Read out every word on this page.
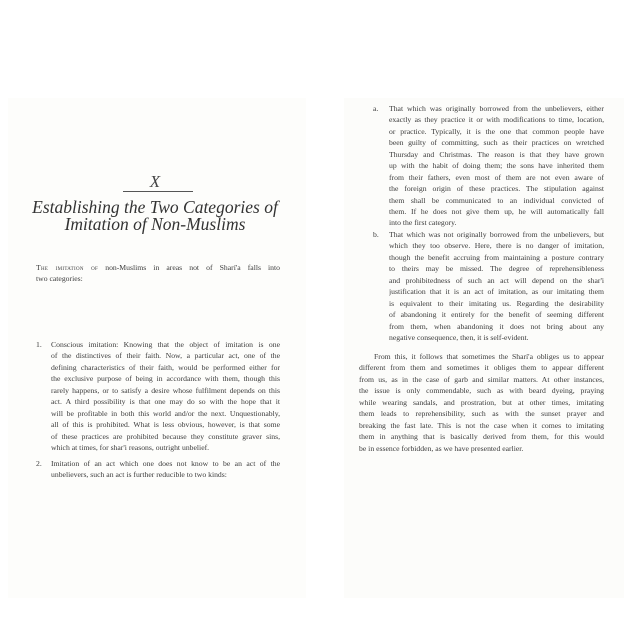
X
Establishing the Two Categories of
Imitation of Non-Muslims
The imitation of non-Muslims in areas not of Sharí'a falls into
two categories:
1. Conscious imitation: Knowing that the object of imitation is one
of the distinctives of their faith. Now, a particular act, one of the
defining characteristics of their faith, would be performed either for
the exclusive purpose of being in accordance with them, though this
rarely happens, or to satisfy a desire whose fulfilment depends on this
act. A third possibility is that one may do so with the hope that it
will be profitable in both this world and/or the next. Unquestionably,
all of this is prohibited. What is less obvious, however, is that some
of these practices are prohibited because they constitute graver sins,
which at times, for shar'i reasons, outright unbelief.
2. Imitation of an act which one does not know to be an act of the
unbelievers, such an act is further reducible to two kinds:
a. That which was originally borrowed from the unbelievers, either
exactly as they practice it or with modifications to time, location,
or practice. Typically, it is the one that common people have
been guilty of committing, such as their practices on wretched
Thursday and Christmas. The reason is that they have grown
up with the habit of doing them; the sons have inherited them
from their fathers, even most of them are not even aware of
the foreign origin of these practices. The stipulation against
them shall be communicated to an individual convicted of
them. If he does not give them up, he will automatically fall
into the first category.
b. That which was not originally borrowed from the unbelievers, but
which they too observe. Here, there is no danger of imitation,
though the benefit accruing from maintaining a posture contrary
to theirs may be missed. The degree of reprehensibleness
and prohibitedness of such an act will depend on the shar'i
justification that it is an act of imitation, as our imitating them
is equivalent to their imitating us. Regarding the desirability
of abandoning it entirely for the benefit of seeming different
from them, when abandoning it does not bring about any
negative consequence, then, it is self-evident.
From this, it follows that sometimes the Sharí'a obliges us to appear
different from them and sometimes it obliges them to appear different
from us, as in the case of garb and similar matters. At other instances,
the issue is only commendable, such as with beard dyeing, praying
while wearing sandals, and prostration, but at other times, imitating
them leads to reprehensibility, such as with the sunset prayer and
breaking the fast late. This is not the case when it comes to imitating
them in anything that is basically derived from them, for this would
be in essence forbidden, as we have presented earlier.
